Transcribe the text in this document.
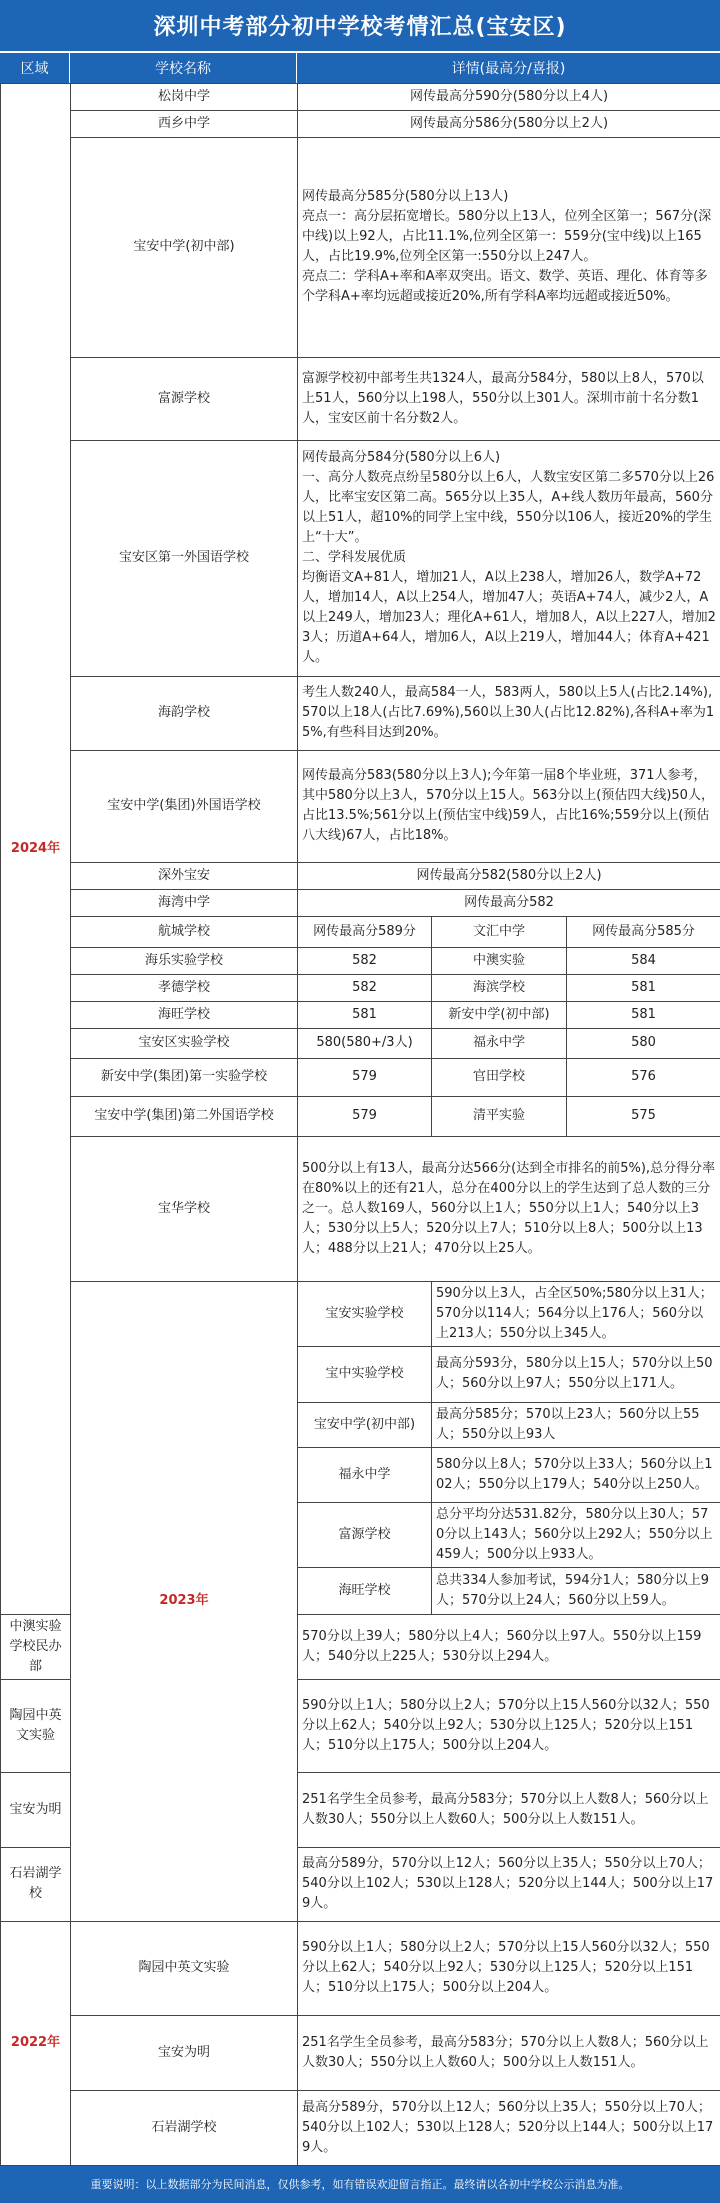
深圳中考部分初中学校考情汇总(宝安区)
区域	学校名称	详情(最高分/喜报)
2024年	松岗中学	网传最高分590分(580分以上4人)		
	西乡中学	网传最高分586分(580分以上2人)		
	宝安中学(初中部)	网传最高分585分(580分以上13人)
亮点一：高分层拓宽增长。580分以上13人，位列全区第一；567分(深中线)以上92人，占比11.1%,位列全区第一：559分(宝中线)以上165人，占比19.9%,位列全区第一:550分以上247人。
亮点二：学科A+率和A率双突出。语文、数学、英语、理化、体育等多个学科A+率均远超或接近20%,所有学科A率均远超或接近50%。		
	富源学校	富源学校初中部考生共1324人，最高分584分，580以上8人，570以上51人，560分以上198人，550分以上301人。深圳市前十名分数1人，宝安区前十名分数2人。		
	宝安区第一外国语学校	网传最高分584分(580分以上6人)
一、高分人数亮点纷呈580分以上6人，人数宝安区第二多570分以上26人，比率宝安区第二高。565分以上35人，A+线人数历年最高，560分以上51人，超10%的同学上宝中线，550分以106人，接近20%的学生上“十大”。
二、学科发展优质
均衡语文A+81人，增加21人，A以上238人，增加26人，数学A+72人，增加14人，A以上254人，增加47人；英语A+74人，减少2人，A以上249人，增加23人；理化A+61人，增加8人，A以上227人，增加23人；历道A+64人，增加6人，A以上219人，增加44人；体育A+421人。		
	海韵学校	考生人数240人，最高584一人，583两人，580以上5人(占比2.14%),570以上18人(占比7.69%),560以上30人(占比12.82%),各科A+率为15%,有些科目达到20%。		
	宝安中学(集团)外国语学校	网传最高分583(580分以上3人);今年第一届8个毕业班，371人参考，其中580分以上3人，570分以上15人。563分以上(预估四大线)50人，占比13.5%;561分以上(预估宝中线)59人，占比16%;559分以上(预估八大线)67人，占比18%。		
	深外宝安	网传最高分582(580分以上2人)		
	海湾中学	网传最高分582		
	航城学校	网传最高分589分	文汇中学	网传最高分585分
	海乐实验学校	582	中澳实验	584
	孝德学校	582	海滨学校	581
	海旺学校	581	新安中学(初中部)	581
	宝安区实验学校	580(580+/3人)	福永中学	580
	新安中学(集团)第一实验学校	579	官田学校	576
	宝安中学(集团)第二外国语学校	579	清平实验	575
	宝华学校	500分以上有13人，最高分达566分(达到全市排名的前5%),总分得分率在80%以上的还有21人，总分在400分以上的学生达到了总人数的三分之一。总人数169人，560分以上1人；550分以上1人；540分以上3人；530分以上5人；520分以上7人；510分以上8人；500分以上13人；488分以上21人；470分以上25人。		
	2023年	宝安实验学校	590分以上3人，占全区50%;580分以上31人；570分以114人；564分以上176人；560分以上213人；550分以上345人。	
		宝中实验学校	最高分593分，580分以上15人；570分以上50人；560分以上97人；550分以上171人。	
		宝安中学(初中部)	最高分585分；570以上23人；560分以上55人；550分以上93人	
		福永中学	580分以上8人；570分以上33人；560分以上102人；550分以上179人；540分以上250人。	
		富源学校	总分平均分达531.82分，580分以上30人；570分以上143人；560分以上292人；550分以上459人；500分以上933人。	
		海旺学校	总共334人参加考试，594分1人；580分以上9人；570分以上24人；560分以上59人。	
中澳实验学校民办部		570分以上39人；580分以上4人；560分以上97人。550分以上159人；540分以上225人；530分以上294人。		
陶园中英文实验		590分以上1人；580分以上2人；570分以上15人560分以32人；550分以上62人；540分以上92人；530分以上125人；520分以上151人；510分以上175人；500分以上204人。		
宝安为明		251名学生全员参考，最高分583分；570分以上人数8人；560分以上人数30人；550分以上人数60人；500分以上人数151人。		
石岩湖学校		最高分589分，570分以上12人；560分以上35人；550分以上70人；540分以上102人；530以上128人；520分以上144人；500分以上179人。		
2022年	陶园中英文实验	590分以上1人；580分以上2人；570分以上15人560分以32人；550分以上62人；540分以上92人；530分以上125人；520分以上151人；510分以上175人；500分以上204人。		
	宝安为明	251名学生全员参考，最高分583分；570分以上人数8人；560分以上人数30人；550分以上人数60人；500分以上人数151人。		
	石岩湖学校	最高分589分，570分以上12人；560分以上35人；550分以上70人；540分以上102人；530以上128人；520分以上144人；500分以上179人。		
重要说明：以上数据部分为民间消息，仅供参考，如有错误欢迎留言指正。最终请以各初中学校公示消息为准。
